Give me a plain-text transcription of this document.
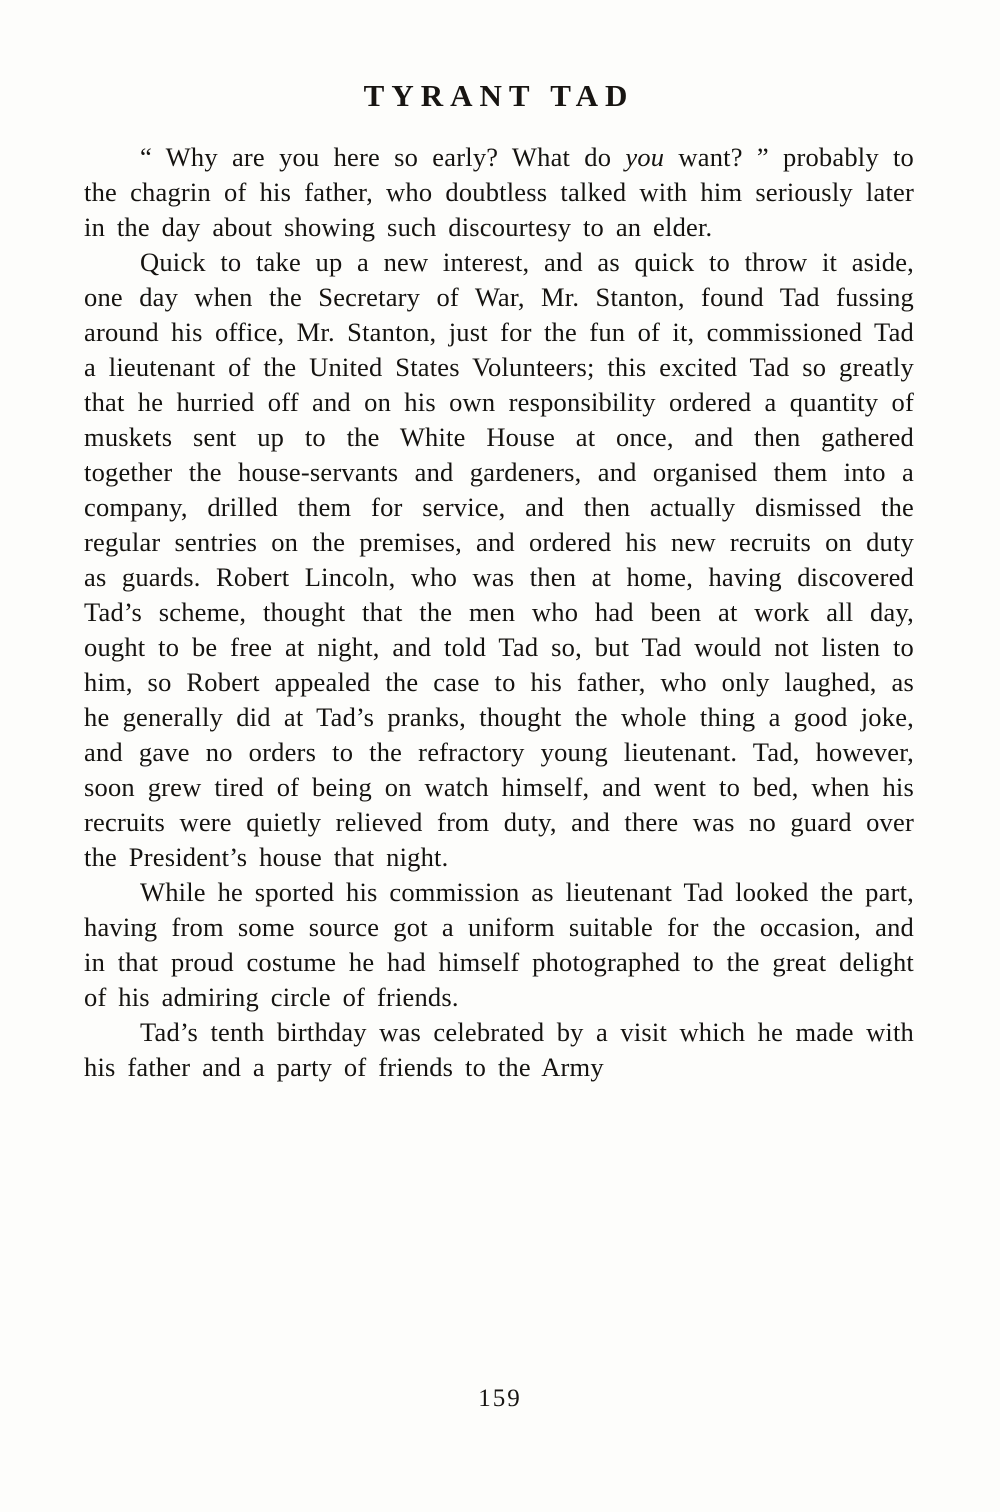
TYRANT TAD

“ Why are you here so early? What do you want? ” probably to the chagrin of his father, who doubtless talked with him seriously later in the day about showing such discourtesy to an elder.

Quick to take up a new interest, and as quick to throw it aside, one day when the Secretary of War, Mr. Stanton, found Tad fussing around his office, Mr. Stanton, just for the fun of it, commissioned Tad a lieutenant of the United States Volunteers; this excited Tad so greatly that he hurried off and on his own responsibility ordered a quantity of muskets sent up to the White House at once, and then gathered together the house-servants and gardeners, and organised them into a company, drilled them for service, and then actually dismissed the regular sentries on the premises, and ordered his new recruits on duty as guards. Robert Lincoln, who was then at home, having discovered Tad’s scheme, thought that the men who had been at work all day, ought to be free at night, and told Tad so, but Tad would not listen to him, so Robert appealed the case to his father, who only laughed, as he generally did at Tad’s pranks, thought the whole thing a good joke, and gave no orders to the refractory young lieutenant. Tad, however, soon grew tired of being on watch himself, and went to bed, when his recruits were quietly relieved from duty, and there was no guard over the President’s house that night.

While he sported his commission as lieutenant Tad looked the part, having from some source got a uniform suitable for the occasion, and in that proud costume he had himself photographed to the great delight of his admiring circle of friends.

Tad’s tenth birthday was celebrated by a visit which he made with his father and a party of friends to the Army

159
